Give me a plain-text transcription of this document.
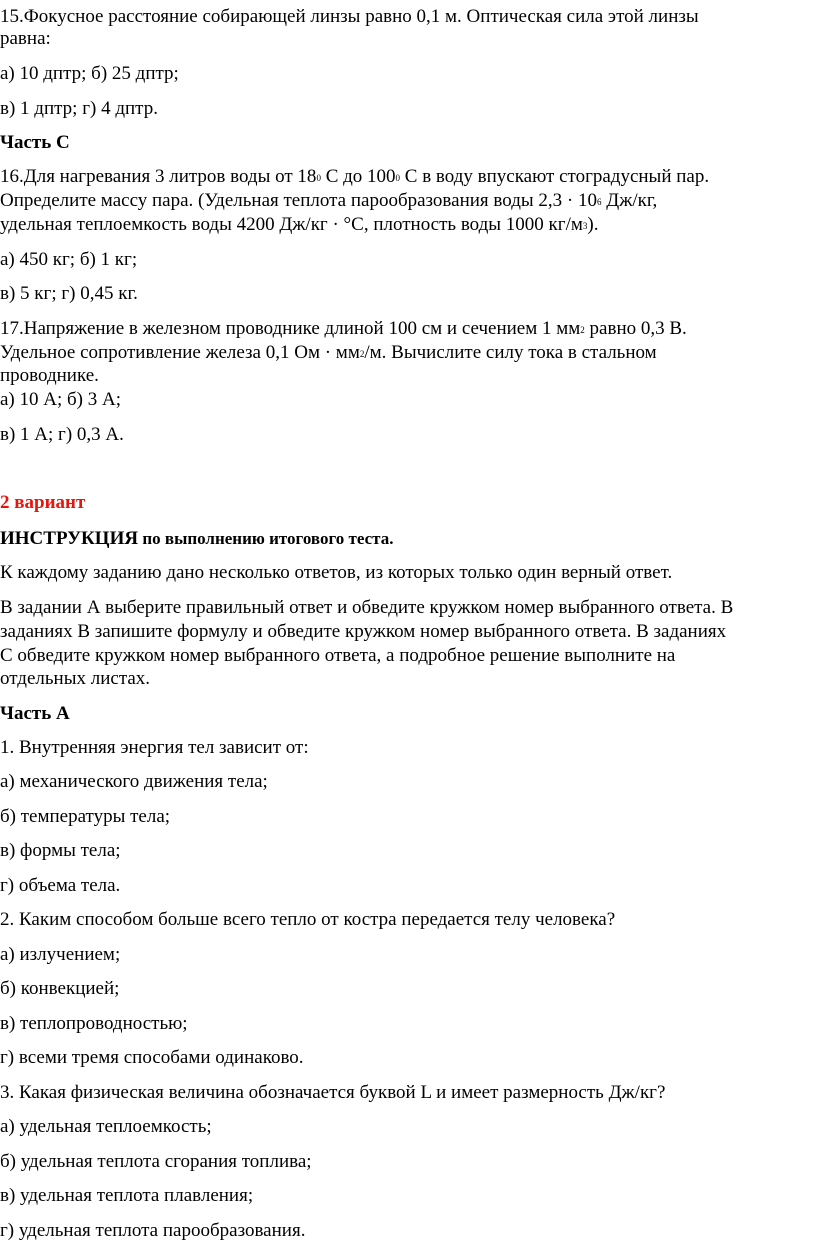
15.Фокусное расстояние собирающей линзы равно 0,1 м. Оптическая сила этой линзы
равна:
а) 10 дптр; б) 25 дптр;
в) 1 дптр; г) 4 дптр.
Часть С
16.Для нагревания 3 литров воды от $18^0$ С до $100^0$ С в воду впускают стоградусный пар.
Определите массу пара. (Удельная теплота парообразования воды $2,3 \cdot 10^6$ Дж/кг,
удельная теплоемкость воды 4200 Дж/кг · °С, плотность воды 1000 $кг/м^3$).
а) 450 кг; б) 1 кг;
в) 5 кг; г) 0,45 кг.
17.Напряжение в железном проводнике длиной 100 см и сечением 1 $мм^2$ равно 0,3 В.
Удельное сопротивление железа 0,1 Ом · $мм^2/м$. Вычислите силу тока в стальном
проводнике.
а) 10 А; б) 3 А;
в) 1 А; г) 0,3 А.
2 вариант
ИНСТРУКЦИЯ по выполнению итогового теста.
К каждому заданию дано несколько ответов, из которых только один верный ответ.
В задании А выберите правильный ответ и обведите кружком номер выбранного ответа. В
заданиях В запишите формулу и обведите кружком номер выбранного ответа. В заданиях
С обведите кружком номер выбранного ответа, а подробное решение выполните на
отдельных листах.
Часть А
1. Внутренняя энергия тел зависит от:
а) механического движения тела;
б) температуры тела;
в) формы тела;
г) объема тела.
2. Каким способом больше всего тепло от костра передается телу человека?
а) излучением;
б) конвекцией;
в) теплопроводностью;
г) всеми тремя способами одинаково.
3. Какая физическая величина обозначается буквой L и имеет размерность Дж/кг?
а) удельная теплоемкость;
б) удельная теплота сгорания топлива;
в) удельная теплота плавления;
г) удельная теплота парообразования.
